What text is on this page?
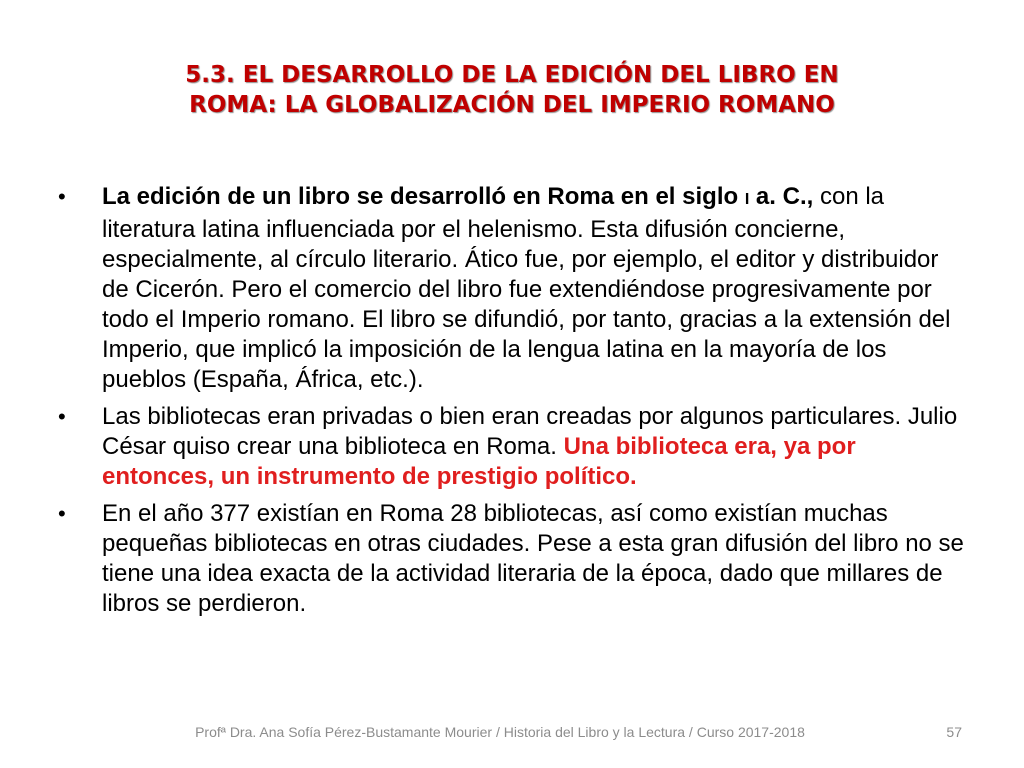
5.3. EL DESARROLLO DE LA EDICIÓN DEL LIBRO EN
ROMA: LA GLOBALIZACIÓN DEL IMPERIO ROMANO
•	La edición de un libro se desarrolló en Roma en el siglo I a. C., con la literatura latina influenciada por el helenismo. Esta difusión concierne, especialmente, al círculo literario. Ático fue, por ejemplo, el editor y distribuidor de Cicerón. Pero el comercio del libro fue extendiéndose progresivamente por todo el Imperio romano. El libro se difundió, por tanto, gracias a la extensión del Imperio, que implicó la imposición de la lengua latina en la mayoría de los pueblos (España, África, etc.).
•	Las bibliotecas eran privadas o bien eran creadas por algunos particulares. Julio César quiso crear una biblioteca en Roma. Una biblioteca era, ya por entonces, un instrumento de prestigio político.
•	En el año 377 existían en Roma 28 bibliotecas, así como existían muchas pequeñas bibliotecas en otras ciudades. Pese a esta gran difusión del libro no se tiene una idea exacta de la actividad literaria de la época, dado que millares de libros se perdieron.
Profª Dra. Ana Sofía Pérez-Bustamante Mourier / Historia del Libro y la Lectura / Curso 2017-2018	57
